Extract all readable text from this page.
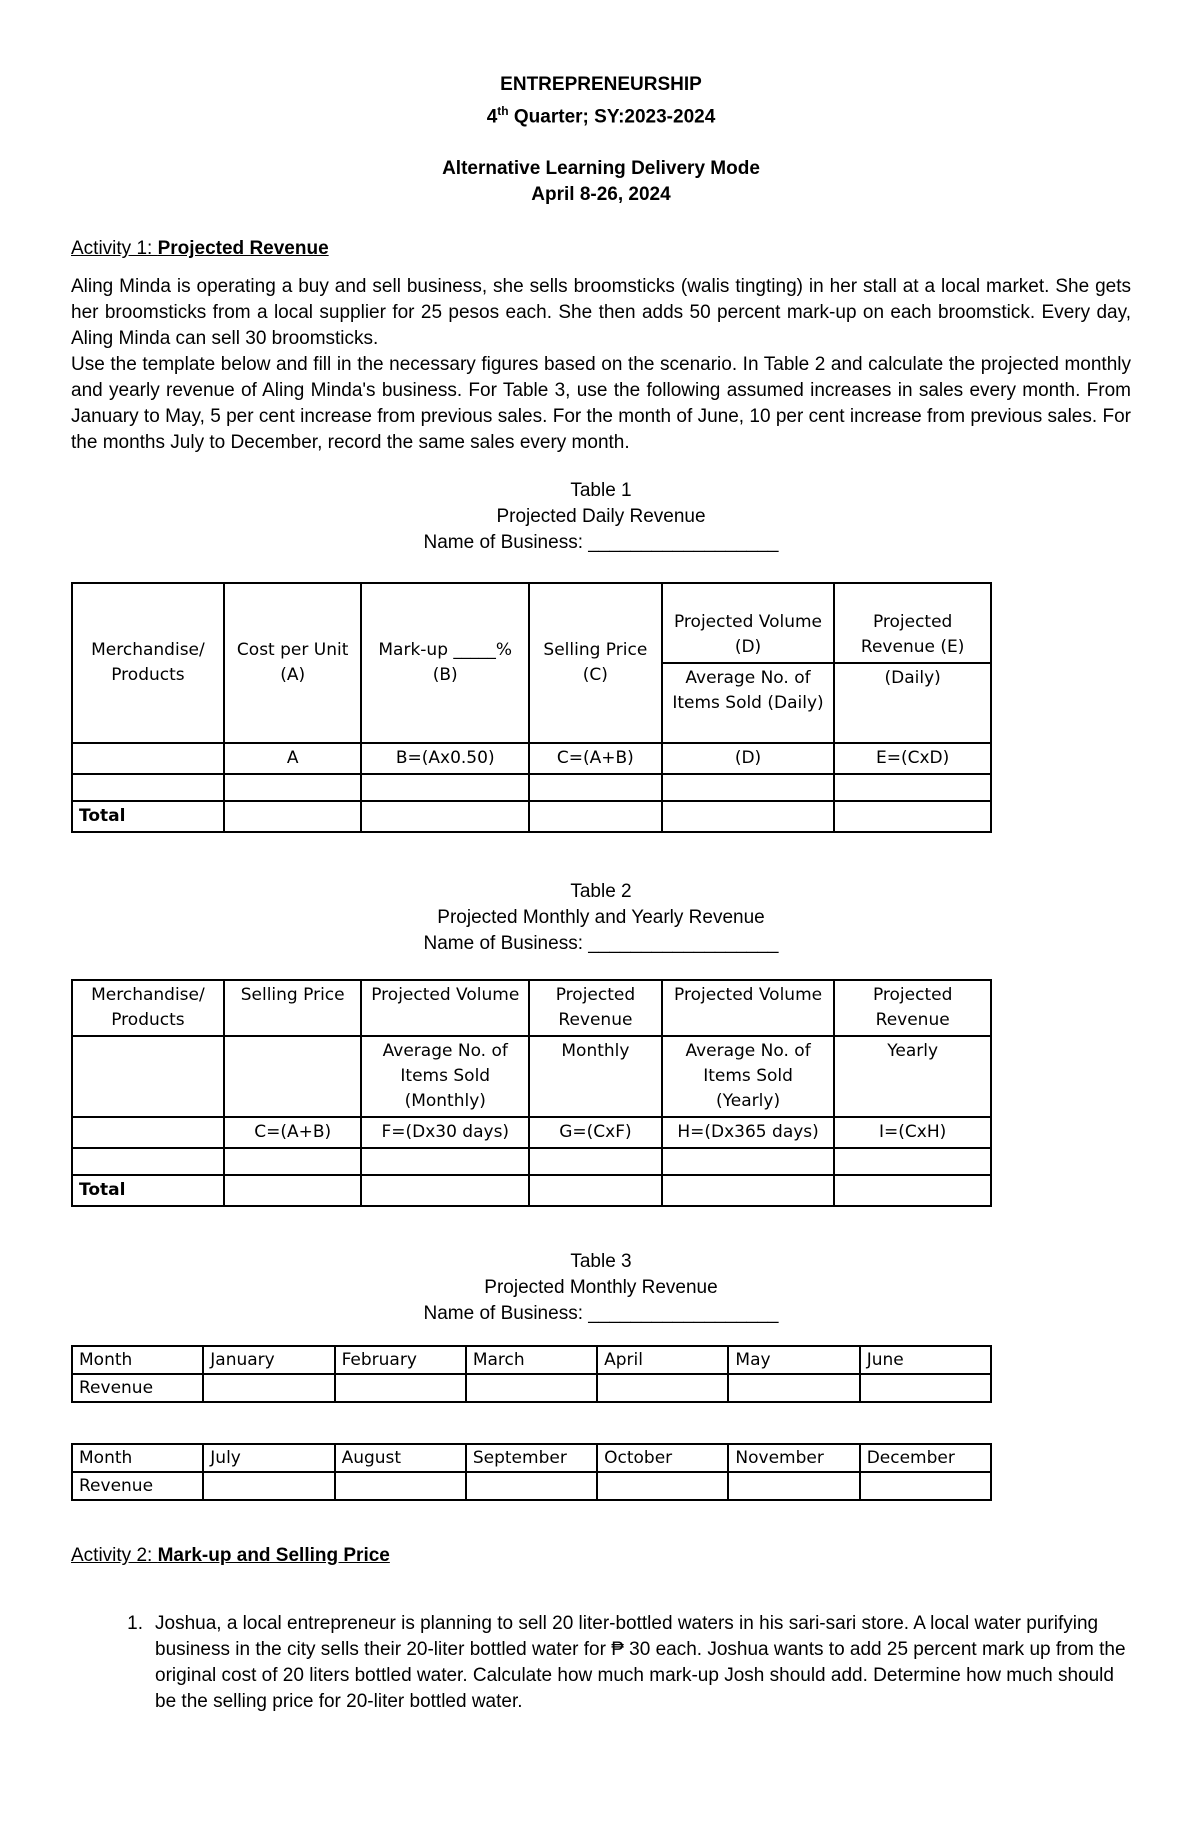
ENTREPRENEURSHIP
4th Quarter; SY:2023-2024
Alternative Learning Delivery Mode
April 8-26, 2024
Activity 1: Projected Revenue

Aling Minda is operating a buy and sell business, she sells broomsticks (walis tingting) in her stall at a local market. She gets her broomsticks from a local supplier for 25 pesos each. She then adds 50 percent mark-up on each broomstick. Every day, Aling Minda can sell 30 broomsticks.

Use the template below and fill in the necessary figures based on the scenario. In Table 2 and calculate the projected monthly and yearly revenue of Aling Minda's business. For Table 3, use the following assumed increases in sales every month. From January to May, 5 per cent increase from previous sales. For the month of June, 10 per cent increase from previous sales. For the months July to December, record the same sales every month.

Table 1
Projected Daily Revenue
Name of Business: __________________
Merchandise/ Products	Cost per Unit (A)	Mark-up _____% (B)	Selling Price (C)	Projected Volume (D)	Projected Revenue (E)
				Average No. of Items Sold (Daily)	(Daily)
	A	B=(Ax0.50)	C=(A+B)	(D)	E=(CxD)

Total					
Table 2
Projected Monthly and Yearly Revenue
Name of Business: __________________
Merchandise/ Products	Selling Price	Projected Volume	Projected Revenue	Projected Volume	Projected Revenue
		Average No. of Items Sold (Monthly)	Monthly	Average No. of Items Sold (Yearly)	Yearly
	C=(A+B)	F=(Dx30 days)	G=(CxF)	H=(Dx365 days)	I=(CxH)

Total					
Table 3
Projected Monthly Revenue
Name of Business: __________________
Month	January	February	March	April	May	June
Revenue						
Month	July	August	September	October	November	December
Revenue						
Activity 2: Mark-up and Selling Price
1. Joshua, a local entrepreneur is planning to sell 20 liter-bottled waters in his sari-sari store. A local water purifying business in the city sells their 20-liter bottled water for ₱ 30 each. Joshua wants to add 25 percent mark up from the original cost of 20 liters bottled water. Calculate how much mark-up Josh should add. Determine how much should be the selling price for 20-liter bottled water.
